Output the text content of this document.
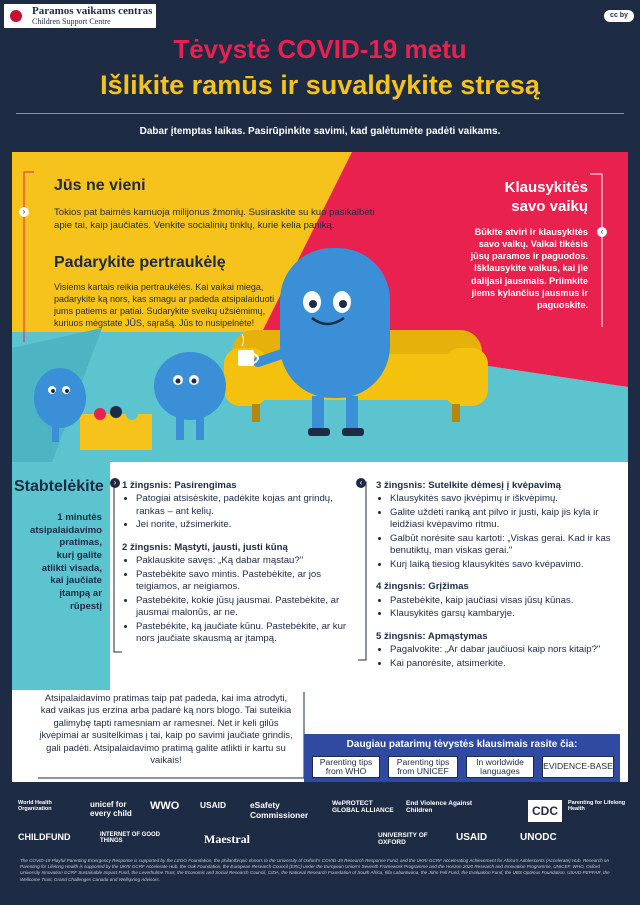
Paramos vaikams centras
Children Support Centre
cc by
Tėvystė COVID-19 metu
Išlikite ramūs ir suvaldykite stresą
Dabar įtemptas laikas. Pasirūpinkite savimi, kad galėtumėte padėti vaikams.
›
Jūs ne vieni
Tokios pat baimės kamuoja milijonus žmonių. Susiraskite su kuo pasikalbėti
apie tai, kaip jaučiatės. Venkite socialinių tinklų, kurie kelia paniką.
Padarykite pertraukėlę
Visiems kartais reikia pertraukėlės. Kai vaikai miega,
padarykite ką nors, kas smagu ar padeda atsipalaiduoti
jums patiems ar patiai. Sudarykite sveikų užsiėmimų,
kuriuos mėgstate JŪS, sąrašą. Jūs to nusipelnėte!
Klausykitės
savo vaikų
‹
Būkite atviri ir klausykitės
savo vaikų. Vaikai tikėsis
jūsų paramos ir paguodos.
Išklausykite vaikus, kai jie
dalijasi jausmais. Priimkite
jiems kylančius jausmus ir
paguoskite.
Stabtelėkite
1 minutės
atsipalaidavimo
pratimas,
kurį galite
atlikti visada,
kai jaučiate
įtampą ar
rūpestį
›	‹
1 žingsnis: Pasirengimas
• Patogiai atsisėskite, padėkite kojas ant grindų, rankas – ant kelių.
• Jei norite, užsimerkite.
2 žingsnis: Mąstyti, jausti, justi kūną
• Paklauskite savęs: „Ką dabar mąstau?"
• Pastebėkite savo mintis. Pastebėkite, ar jos teigiamos, ar neigiamos.
• Pastebėkite, kokie jūsų jausmai. Pastebėkite, ar jausmai malonūs, ar ne.
• Pastebėkite, ką jaučiate kūnu. Pastebėkite, ar kur nors jaučiate skausmą ar įtampą.
3 žingsnis: Sutelkite dėmesį į kvėpavimą
• Klausykitės savo įkvėpimų ir iškvėpimų.
• Galite uždėti ranką ant pilvo ir justi, kaip jis kyla ir leidžiasi kvėpavimo ritmu.
• Galbūt norėsite sau kartoti: „Viskas gerai. Kad ir kas benutiktų, man viskas gerai."
• Kurį laiką tiesiog klausykitės savo kvėpavimo.
4 žingsnis: Grįžimas
• Pastebėkite, kaip jaučiasi visas jūsų kūnas.
• Klausykitės garsų kambaryje.
5 žingsnis: Apmąstymas
• Pagalvokite: „Ar dabar jaučiuosi kaip nors kitaip?"
• Kai panorėsite, atsimerkite.
Atsipalaidavimo pratimas taip pat padeda, kai ima atrodyti, kad vaikas jus erzina arba padarė ką nors blogo. Tai suteikia galimybę tapti ramesniam ar ramesnei. Net ir keli gilūs įkvėpimai ar susitelkimas į tai, kaip po savimi jaučiate grindis, gali padėti. Atsipalaidavimo pratimą galite atlikti ir kartu su vaikais!
Daugiau patarimų tėvystės klausimais rasite čia:
Parenting tips
from WHO
Parenting tips
from UNICEF
In worldwide
languages	EVIDENCE-BASE
World Health Organization	unicef for every child
WWO	USAID	eSafety Commissioner
WePROTECT GLOBAL ALLIANCE
End Violence Against Children	CDC
Parenting for Lifelong Health
CHILDFUND	INTERNET OF GOOD THINGS	Maestral	UNIVERSITY OF OXFORD	USAID	UNODC
The COVID-19 Playful Parenting Emergency Response is supported by the LEGO Foundation, the philanthropic donors to the University of Oxford's COVID-19 Research Response Fund, and the UKRI GCRF Accelerating Achievement for Africa's Adolescents (Accelerate) Hub. Research on Parenting for Lifelong Health is supported by the UKRI GCRF Accelerate Hub, the Oak Foundation, the European Research Council (ERC) under the European Union's Seventh Framework Programme and the Horizon 2020 Research and Innovation Programme, UNICEF, WHO, Oxford University Innovation GCRF Sustainable Impact Fund, the Leverhulme Trust, the Economic and Social Research Council, CIDA, the National Research Foundation of South Africa, Ilifa Labantwana, the John Fell Fund, the Evaluation Fund, the UBS Optimus Foundation, USAID-PEPFAR, the Wellcome Trust, Grand Challenges Canada and Wellspring Advisors.
